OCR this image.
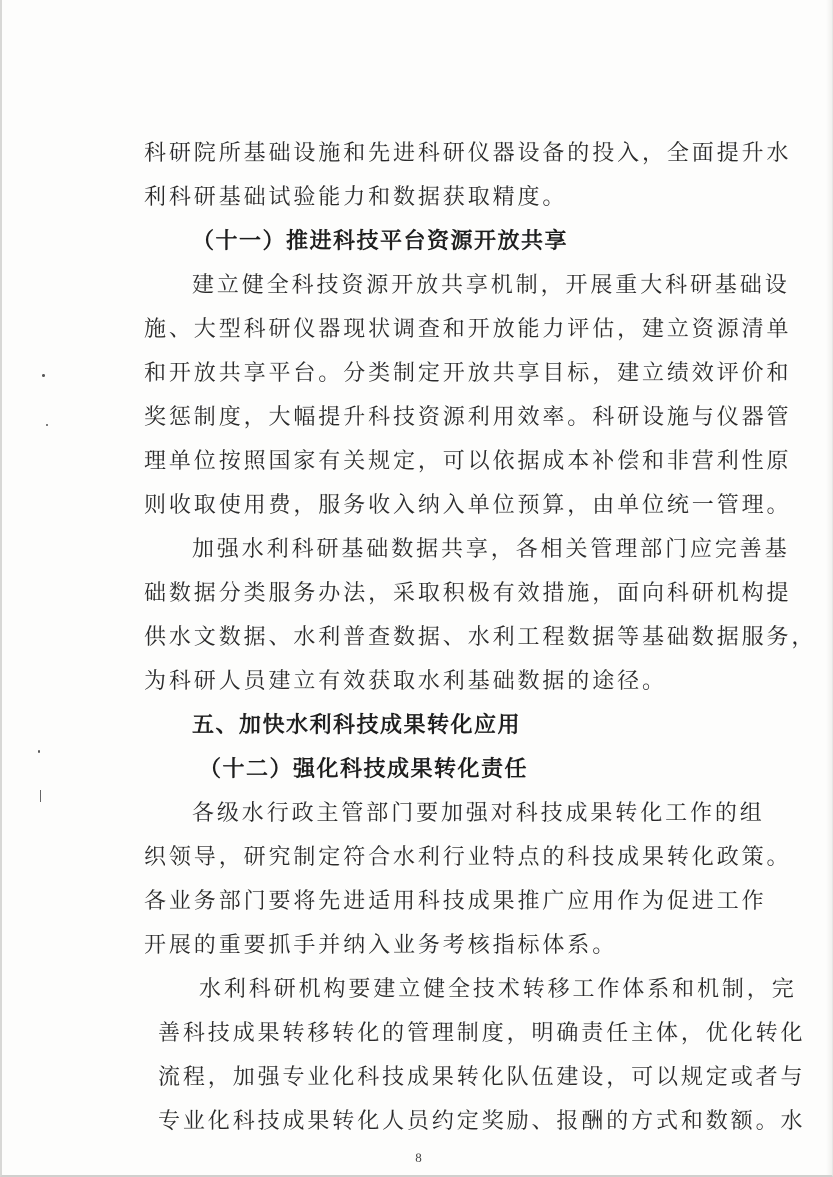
科研院所基础设施和先进科研仪器设备的投入，全面提升水
利科研基础试验能力和数据获取精度。
（十一）推进科技平台资源开放共享
建立健全科技资源开放共享机制，开展重大科研基础设
施、大型科研仪器现状调查和开放能力评估，建立资源清单
和开放共享平台。分类制定开放共享目标，建立绩效评价和
奖惩制度，大幅提升科技资源利用效率。科研设施与仪器管
理单位按照国家有关规定，可以依据成本补偿和非营利性原
则收取使用费，服务收入纳入单位预算，由单位统一管理。
加强水利科研基础数据共享，各相关管理部门应完善基
础数据分类服务办法，采取积极有效措施，面向科研机构提
供水文数据、水利普查数据、水利工程数据等基础数据服务，
为科研人员建立有效获取水利基础数据的途径。
五、加快水利科技成果转化应用
（十二）强化科技成果转化责任
各级水行政主管部门要加强对科技成果转化工作的组
织领导，研究制定符合水利行业特点的科技成果转化政策。
各业务部门要将先进适用科技成果推广应用作为促进工作
开展的重要抓手并纳入业务考核指标体系。
水利科研机构要建立健全技术转移工作体系和机制，完
善科技成果转移转化的管理制度，明确责任主体，优化转化
流程，加强专业化科技成果转化队伍建设，可以规定或者与
专业化科技成果转化人员约定奖励、报酬的方式和数额。水
8
